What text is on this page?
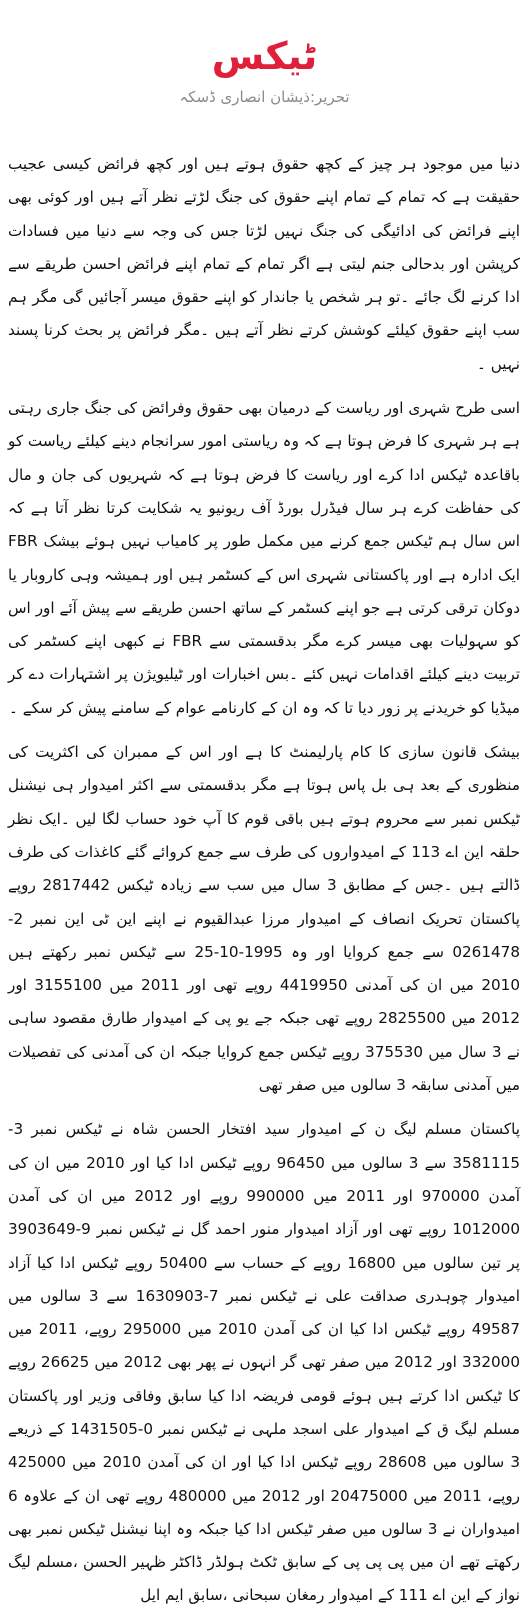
ٹیکس
تحریر:ذیشان انصاری ڈسکہ

دنیا میں موجود ہر چیز کے کچھ حقوق ہوتے ہیں اور کچھ فرائض کیسی عجیب حقیقت ہے کہ تمام کے تمام اپنے حقوق کی جنگ لڑتے نظر آتے ہیں اور کوئی بھی اپنے فرائض کی ادائیگی کی جنگ نہیں لڑتا جس کی وجہ سے دنیا میں فسادات کرپشن اور بدحالی جنم لیتی ہے اگر تمام کے تمام اپنے فرائض احسن طریقے سے ادا کرنے لگ جائے ۔تو ہر شخص یا جاندار کو اپنے حقوق میسر آجائیں گی مگر ہم سب اپنے حقوق کیلئے کوشش کرتے نظر آتے ہیں ۔مگر فرائض پر بحث کرنا پسند نہیں ۔

اسی طرح شہری اور ریاست کے درمیان بھی حقوق وفرائض کی جنگ جاری رہتی ہے ہر شہری کا فرض ہوتا ہے کہ وہ ریاستی امور سرانجام دینے کیلئے ریاست کو باقاعدہ ٹیکس ادا کرے اور ریاست کا فرض ہوتا ہے کہ شہریوں کی جان و مال کی حفاظت کرے ہر سال فیڈرل بورڈ آف ریونیو یہ شکایت کرتا نظر آتا ہے کہ اس سال ہم ٹیکس جمع کرنے میں مکمل طور پر کامیاب نہیں ہوئے بیشک FBR ایک ادارہ ہے اور پاکستانی شہری اس کے کسٹمر ہیں اور ہمیشہ وہی کاروبار یا دوکان ترقی کرتی ہے جو اپنے کسٹمر کے ساتھ احسن طریقے سے پیش آئے اور اس کو سہولیات بھی میسر کرے مگر بدقسمتی سے FBR نے کبھی اپنے کسٹمر کی تربیت دینے کیلئے اقدامات نہیں کئے ۔بس اخبارات اور ٹیلیویژن پر اشتہارات دے کر میڈیا کو خریدنے پر زور دیا تا کہ وہ ان کے کارنامے عوام کے سامنے پیش کر سکے ۔

بیشک قانون سازی کا کام پارلیمنٹ کا ہے اور اس کے ممبران کی اکثریت کی منظوری کے بعد ہی بل پاس ہوتا ہے مگر بدقسمتی سے اکثر امیدوار ہی نیشنل ٹیکس نمبر سے محروم ہوتے ہیں باقی قوم کا آپ خود حساب لگا لیں ۔ایک نظر حلقہ این اے 113 کے امیدواروں کی طرف سے جمع کروائے گئے کاغذات کی طرف ڈالتے ہیں ۔جس کے مطابق 3 سال میں سب سے زیادہ ٹیکس 2817442 روپے پاکستان تحریک انصاف کے امیدوار مرزا عبدالقیوم نے اپنے این ٹی این نمبر 2-0261478 سے جمع کروایا اور وہ 1995-10-25 سے ٹیکس نمبر رکھتے ہیں 2010 میں ان کی آمدنی 4419950 روپے تھی اور 2011 میں 3155100 اور 2012 میں 2825500 روپے تھی جبکہ جے یو پی کے امیدوار طارق مقصود ساہی نے 3 سال میں 375530 روپے ٹیکس جمع کروایا جبکہ ان کی آمدنی کی تفصیلات میں آمدنی سابقہ 3 سالوں میں صفر تھی

پاکستان مسلم لیگ ن کے امیدوار سید افتخار الحسن شاہ نے ٹیکس نمبر 3-3581115 سے 3 سالوں میں 96450 روپے ٹیکس ادا کیا اور 2010 میں ان کی آمدن 970000 اور 2011 میں 990000 روپے اور 2012 میں ان کی آمدن 1012000 روپے تھی اور آزاد امیدوار منور احمد گل نے ٹیکس نمبر 9-3903649 پر تین سالوں میں 16800 روپے کے حساب سے 50400 روپے ٹیکس ادا کیا آزاد امیدوار چوہدری صداقت علی نے ٹیکس نمبر 7-1630903 سے 3 سالوں میں 49587 روپے ٹیکس ادا کیا ان کی آمدن 2010 میں 295000 روپے، 2011 میں 332000 اور 2012 میں صفر تھی گر انہوں نے پھر بھی 2012 میں 26625 روپے کا ٹیکس ادا کرتے ہیں ہوئے قومی فریضہ ادا کیا سابق وفاقی وزیر اور پاکستان مسلم لیگ ق کے امیدوار علی اسجد ملہی نے ٹیکس نمبر 0-1431505 کے ذریعے 3 سالوں میں 28608 روپے ٹیکس ادا کیا اور ان کی آمدن 2010 میں 425000 روپے، 2011 میں 20475000 اور 2012 میں 480000 روپے تھی ان کے علاوہ 6 امیدواران نے 3 سالوں میں صفر ٹیکس ادا کیا جبکہ وہ اپنا نیشنل ٹیکس نمبر بھی رکھتے تھے ان میں پی پی پی کے سابق ٹکٹ ہولڈر ڈاکٹر ظہیر الحسن ،مسلم لیگ نواز کے این اے 111 کے امیدوار رمغان سبحانی ،سابق ایم ایل
